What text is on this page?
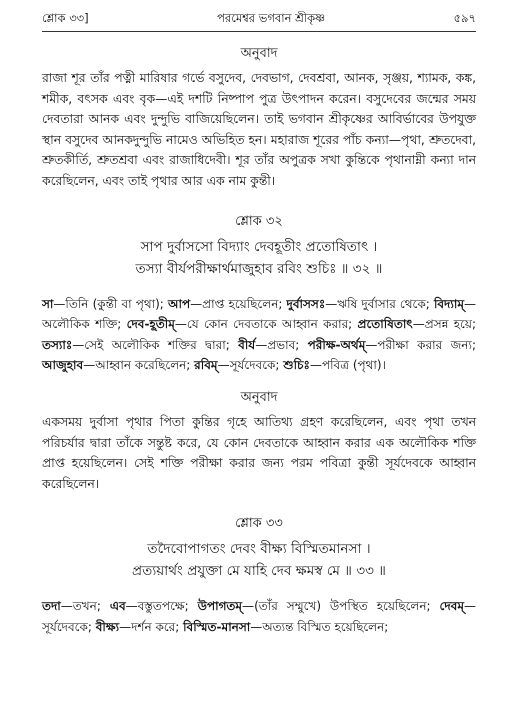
শ্লোক ৩৩]	পরমেশ্বর ভগবান শ্রীকৃষ্ণ	৫৯৭
অনুবাদ

রাজা শূর তাঁর পত্নী মারিষার গর্ভে বসুদেব, দেবভাগ, দেবশ্রবা, আনক, সৃঞ্জয়, শ্যামক, কঙ্ক, শমীক, বৎসক এবং বৃক—এই দশটি নিষ্পাপ পুত্র উৎপাদন করেন। বসুদেবের জন্মের সময় দেবতারা আনক এবং দুন্দুভি বাজিয়েছিলেন। তাই ভগবান শ্রীকৃষ্ণের আবির্ভাবের উপযুক্ত স্থান বসুদেব আনকদুন্দুভি নামেও অভিহিত হন। মহারাজ শূরের পাঁচ কন্যা—পৃথা, শ্রুতদেবা, শ্রুতকীর্তি, শ্রুতশ্রবা এবং রাজাধিদেবী। শূর তাঁর অপুত্রক সখা কুন্তিকে পৃথানাম্নী কন্যা দান করেছিলেন, এবং তাই পৃথার আর এক নাম কুন্তী।

শ্লোক ৩২

সাপ দুর্বাসসো বিদ্যাং দেবহূতীং প্রতোষিতাৎ ।

তস্যা বীর্যপরীক্ষার্থমাজুহাব রবিং শুচিঃ ॥ ৩২ ॥

সা—তিনি (কুন্তী বা পৃথা); আপ—প্রাপ্ত হয়েছিলেন; দুর্বাসসঃ—ঋষি দুর্বাসার থেকে; বিদ্যাম্—অলৌকিক শক্তি; দেব-হূতীম্—যে কোন দেবতাকে আহ্বান করার; প্রতোষিতাৎ—প্রসন্ন হয়ে; তস্যাঃ—সেই অলৌকিক শক্তির দ্বারা; বীর্য—প্রভাব; পরীক্ষ-অর্থম্—পরীক্ষা করার জন্য; আজুহাব—আহ্বান করেছিলেন; রবিম্—সূর্যদেবকে; শুচিঃ—পবিত্র (পৃথা)।

অনুবাদ

একসময় দুর্বাসা পৃথার পিতা কুন্তির গৃহে আতিথ্য গ্রহণ করেছিলেন, এবং পৃথা তখন পরিচর্যার দ্বারা তাঁকে সন্তুষ্ট করে, যে কোন দেবতাকে আহ্বান করার এক অলৌকিক শক্তি প্রাপ্ত হয়েছিলেন। সেই শক্তি পরীক্ষা করার জন্য পরম পবিত্রা কুন্তী সূর্যদেবকে আহ্বান করেছিলেন।

শ্লোক ৩৩

তদৈবোপাগতং দেবং বীক্ষ্য বিস্মিতমানসা ।

প্রত্যয়ার্থং প্রযুক্তা মে যাহি দেব ক্ষমস্ব মে ॥ ৩৩ ॥

তদা—তখন; এব—বস্তুতপক্ষে; উপাগতম্—(তাঁর সম্মুখে) উপস্থিত হয়েছিলেন; দেবম্—সূর্যদেবকে; বীক্ষ্য—দর্শন করে; বিস্মিত-মানসা—অত্যন্ত বিস্মিত হয়েছিলেন;
